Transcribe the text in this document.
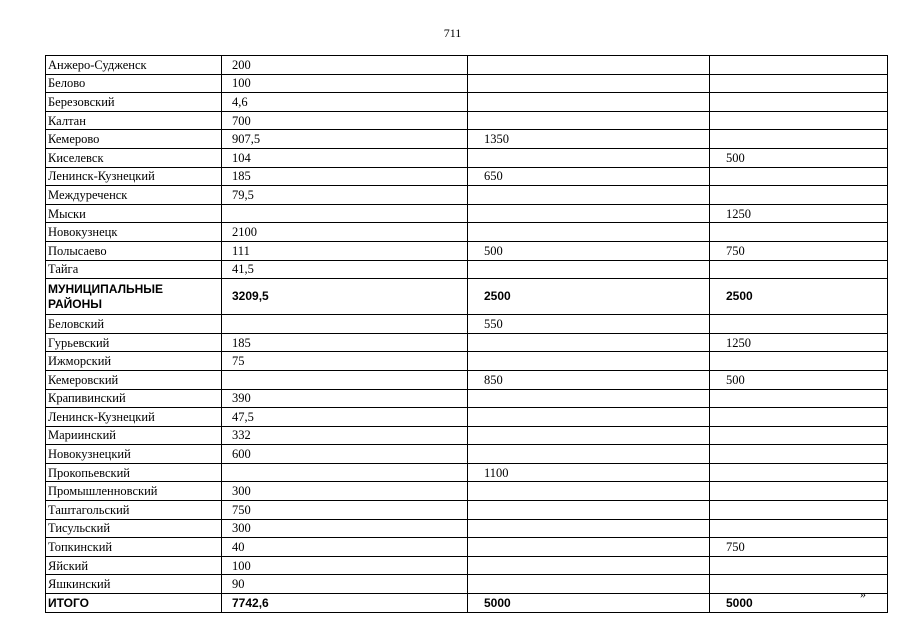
711
Анжеро-Судженск	200		
Белово	100		
Березовский	4,6		
Калтан	700		
Кемерово	907,5	1350	
Киселевск	104		500
Ленинск-Кузнецкий	185	650	
Междуреченск	79,5		
Мыски			1250
Новокузнецк	2100		
Полысаево	111	500	750
Тайга	41,5		
МУНИЦИПАЛЬНЫЕ РАЙОНЫ	3209,5	2500	2500
Беловский		550	
Гурьевский	185		1250
Ижморский	75		
Кемеровский		850	500
Крапивинский	390		
Ленинск-Кузнецкий	47,5		
Мариинский	332		
Новокузнецкий	600		
Прокопьевский		1100	
Промышленновский	300		
Таштагольский	750		
Тисульский	300		
Топкинский	40		750
Яйский	100		
Яшкинский	90		
ИТОГО	7742,6	5000	5000
»
